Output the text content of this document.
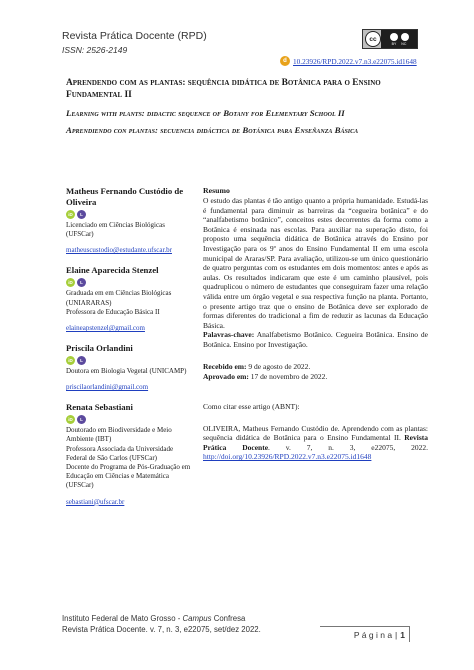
Revista Prática Docente (RPD)
ISSN: 2526-2149
cc
BY NC
d 10.23926/RPD.2022.v7.n3.e22075.id1648
Aprendendo com as plantas: sequência didática de Botânica para o Ensino Fundamental II
Learning with plants: didactic sequence of Botany for Elementary School II
Aprendiendo con plantas: secuencia didáctica de Botánica para Enseñanza Básica
Matheus Fernando Custódio de Oliveira
iD	L
Licenciado em Ciências Biológicas (UFSCar)
matheuscustodio@estudante.ufscar.br
Elaine Aparecida Stenzel
iD	L
Graduada em em Ciências Biológicas (UNIARARAS)
Professora de Educação Básica II
elaineapstenzel@gmail.com
Priscila Orlandini
iD	L
Doutora em Biologia Vegetal (UNICAMP)
priscilaorlandini@gmail.com
Renata Sebastiani
iD	L
Doutorado em Biodiversidade e Meio Ambiente (IBT)
Professora Associada da Universidade Federal de São Carlos (UFSCar)
Docente do Programa de Pós-Graduação em Educação em Ciências e Matemática (UFSCar)
sebastiani@ufscar.br
Resumo

O estudo das plantas é tão antigo quanto a própria humanidade. Estudá-las é fundamental para diminuir as barreiras da “cegueira botânica” e do “analfabetismo botânico”, conceitos estes decorrentes da forma como a Botânica é ensinada nas escolas. Para auxiliar na superação disto, foi proposto uma sequência didática de Botânica através do Ensino por Investigação para os 9º anos do Ensino Fundamental II em uma escola municipal de Araras/SP. Para avaliação, utilizou-se um único questionário de quatro perguntas com os estudantes em dois momentos: antes e após as aulas. Os resultados indicaram que este é um caminho plausível, pois quadruplicou o número de estudantes que conseguiram fazer uma relação válida entre um órgão vegetal e sua respectiva função na planta. Portanto, o presente artigo traz que o ensino de Botânica deve ser explorado de formas diferentes do tradicional a fim de reduzir as lacunas da Educação Básica.

Palavras-chave: Analfabetismo Botânico. Cegueira Botânica. Ensino de Botânica. Ensino por Investigação.

Recebido em: 9 de agosto de 2022.
Aprovado em: 17 de novembro de 2022.
Como citar esse artigo (ABNT):

OLIVEIRA, Matheus Fernando Custódio de. Aprendendo com as plantas: sequência didática de Botânica para o Ensino Fundamental II. Revista Prática Docente. v. 7, n. 3, e22075, 2022. http://doi.org/10.23926/RPD.2022.v7.n3.e22075.id1648

Instituto Federal de Mato Grosso - Campus Confresa
Revista Prática Docente. v. 7, n. 3, e22075, set/dez 2022.
P á g i n a | 1
